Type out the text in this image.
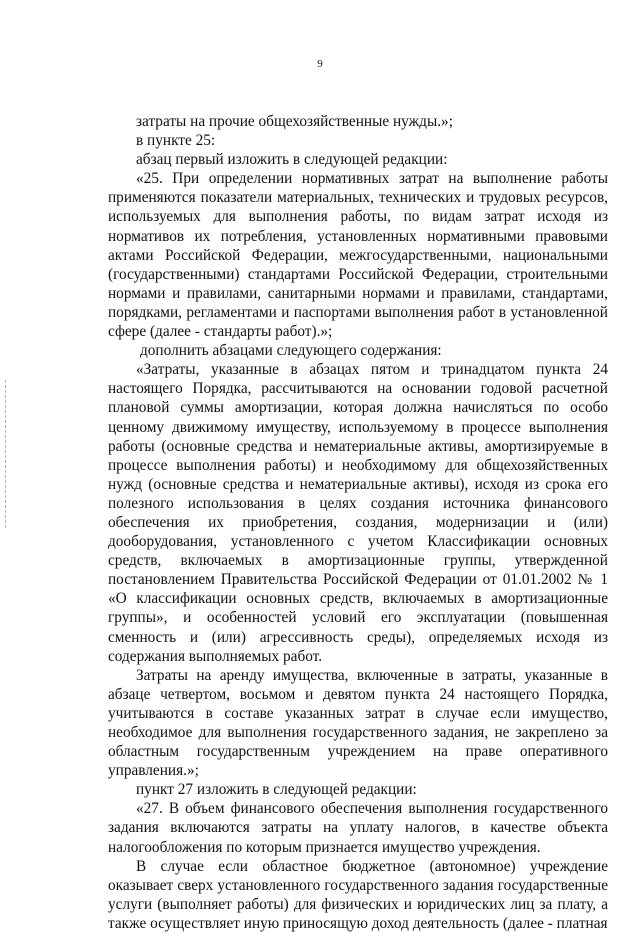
9

затраты на прочие общехозяйственные нужды.»;

в пункте 25:

абзац первый изложить в следующей редакции:

«25. При определении нормативных затрат на выполнение работы применяются показатели материальных, технических и трудовых ресурсов, используемых для выполнения работы, по видам затрат исходя из нормативов их потребления, установленных нормативными правовыми актами Российской Федерации, межгосударственными, национальными (государственными) стандартами Российской Федерации, строительными нормами и правилами, санитарными нормами и правилами, стандартами, порядками, регламентами и паспортами выполнения работ в установленной сфере (далее - стандарты работ).»;

дополнить абзацами следующего содержания:

«Затраты, указанные в абзацах пятом и тринадцатом пункта 24 настоящего Порядка, рассчитываются на основании годовой расчетной плановой суммы амортизации, которая должна начисляться по особо ценному движимому имуществу, используемому в процессе выполнения работы (основные средства и нематериальные активы, амортизируемые в процессе выполнения работы) и необходимому для общехозяйственных нужд (основные средства и нематериальные активы), исходя из срока его полезного использования в целях создания источника финансового обеспечения их приобретения, создания, модернизации и (или) дооборудования, установленного с учетом Классификации основных средств, включаемых в амортизационные группы, утвержденной постановлением Правительства Российской Федерации от 01.01.2002 № 1 «О классификации основных средств, включаемых в амортизационные группы», и особенностей условий его эксплуатации (повышенная сменность и (или) агрессивность среды), определяемых исходя из содержания выполняемых работ.

Затраты на аренду имущества, включенные в затраты, указанные в абзаце четвертом, восьмом и девятом пункта 24 настоящего Порядка, учитываются в составе указанных затрат в случае если имущество, необходимое для выполнения государственного задания, не закреплено за областным государственным учреждением на праве оперативного управления.»;

пункт 27 изложить в следующей редакции:

«27. В объем финансового обеспечения выполнения государственного задания включаются затраты на уплату налогов, в качестве объекта налогообложения по которым признается имущество учреждения.

В случае если областное бюджетное (автономное) учреждение оказывает сверх установленного государственного задания государственные услуги (выполняет работы) для физических и юридических лиц за плату, а также осуществляет иную приносящую доход деятельность (далее - платная
